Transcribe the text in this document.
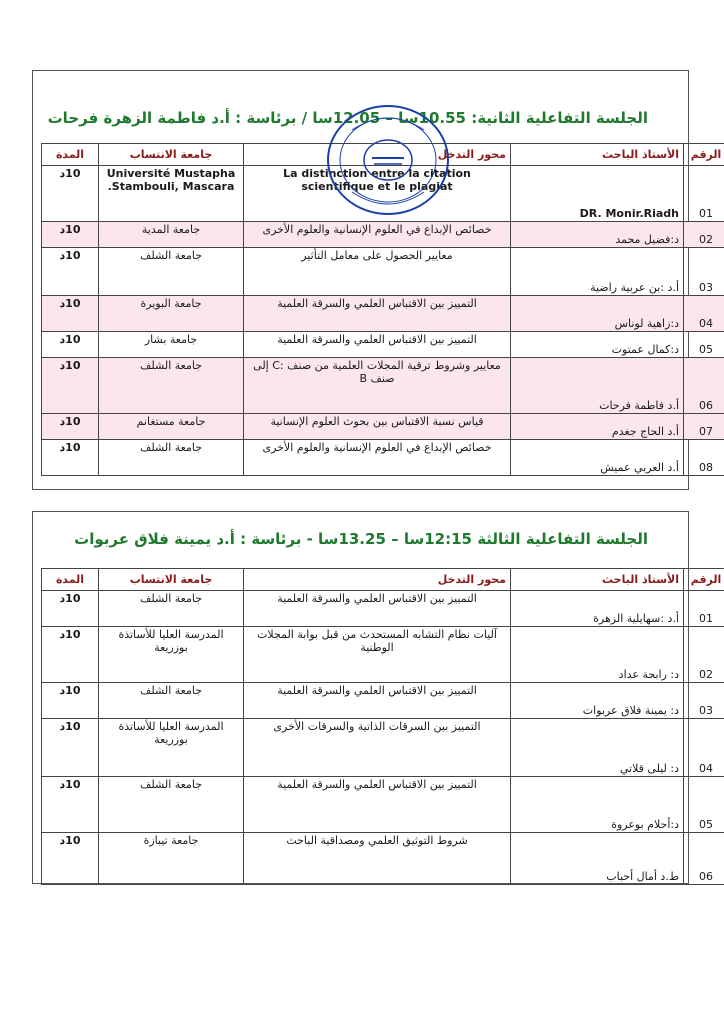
الجلسة التفاعلية الثانية: 10.55سا – 12.05سا / برئاسة : أ.د فاطمة الزهرة فرحات
الرقم	الأستاذ الباحث	محور التدخل	جامعة الانتساب	المدة
01	DR. Monir.Riadh	La distinction entre la citation scientifique et le plagiat	Université Mustapha .Stambouli, Mascara	10د
02	د:فضيل محمد	خصائص الإبداع في العلوم الإنسانية والعلوم الأخرى	جامعة المدية	10د
03	أ.د :بن عربية راضية	معايير الحصول على معامل التأثير	جامعة الشلف	10د
04	د:زاهية لوناس	التمييز بين الاقتباس العلمي والسرقة العلمية	جامعة البويرة	10د
05	د:كمال عمتوت	التمييز بين الاقتباس العلمي والسرقة العلمية	جامعة بشار	10د
06	أ.د فاطمة فرحات	معايير وشروط ترقية المجلات العلمية من صنف :C إلى صنف B	جامعة الشلف	10د
07	أ.د الحاج جغدم	قياس نسبة الاقتباس بين بحوث العلوم الإنسانية	جامعة مستغانم	10د
08	أ.د العربي عميش	خصائص الإبداع في العلوم الإنسانية والعلوم الأخرى	جامعة الشلف	10د
الجلسة التفاعلية الثالثة 12:15سا – 13.25سا - برئاسة : أ.د يمينة فلاق عربوات
الرقم	الأستاذ الباحث	محور التدخل	جامعة الانتساب	المدة
01	أ.د :سهايلية الزهرة	التمييز بين الاقتباس العلمي والسرقة العلمية	جامعة الشلف	10د
02	د: رابحة عداد	آليات نظام التشابه المستحدث من قبل بوابة المجلات الوطنية	المدرسة العليا للأساتذة بوزريعة	10د
03	د: يمينة فلاق عربوات	التمييز بين الاقتباس العلمي والسرقة العلمية	جامعة الشلف	10د
04	د: ليلى قلاتي	التمييز بين السرقات الذاتية والسرقات الأخرى	المدرسة العليا للأساتذة بوزريعة	10د
05	د:أحلام بوعروة	التمييز بين الاقتباس العلمي والسرقة العلمية	جامعة الشلف	10د
06	ط.د أمال أحباب	شروط التوثيق العلمي ومصداقية الباحث	جامعة تيبازة	10د
